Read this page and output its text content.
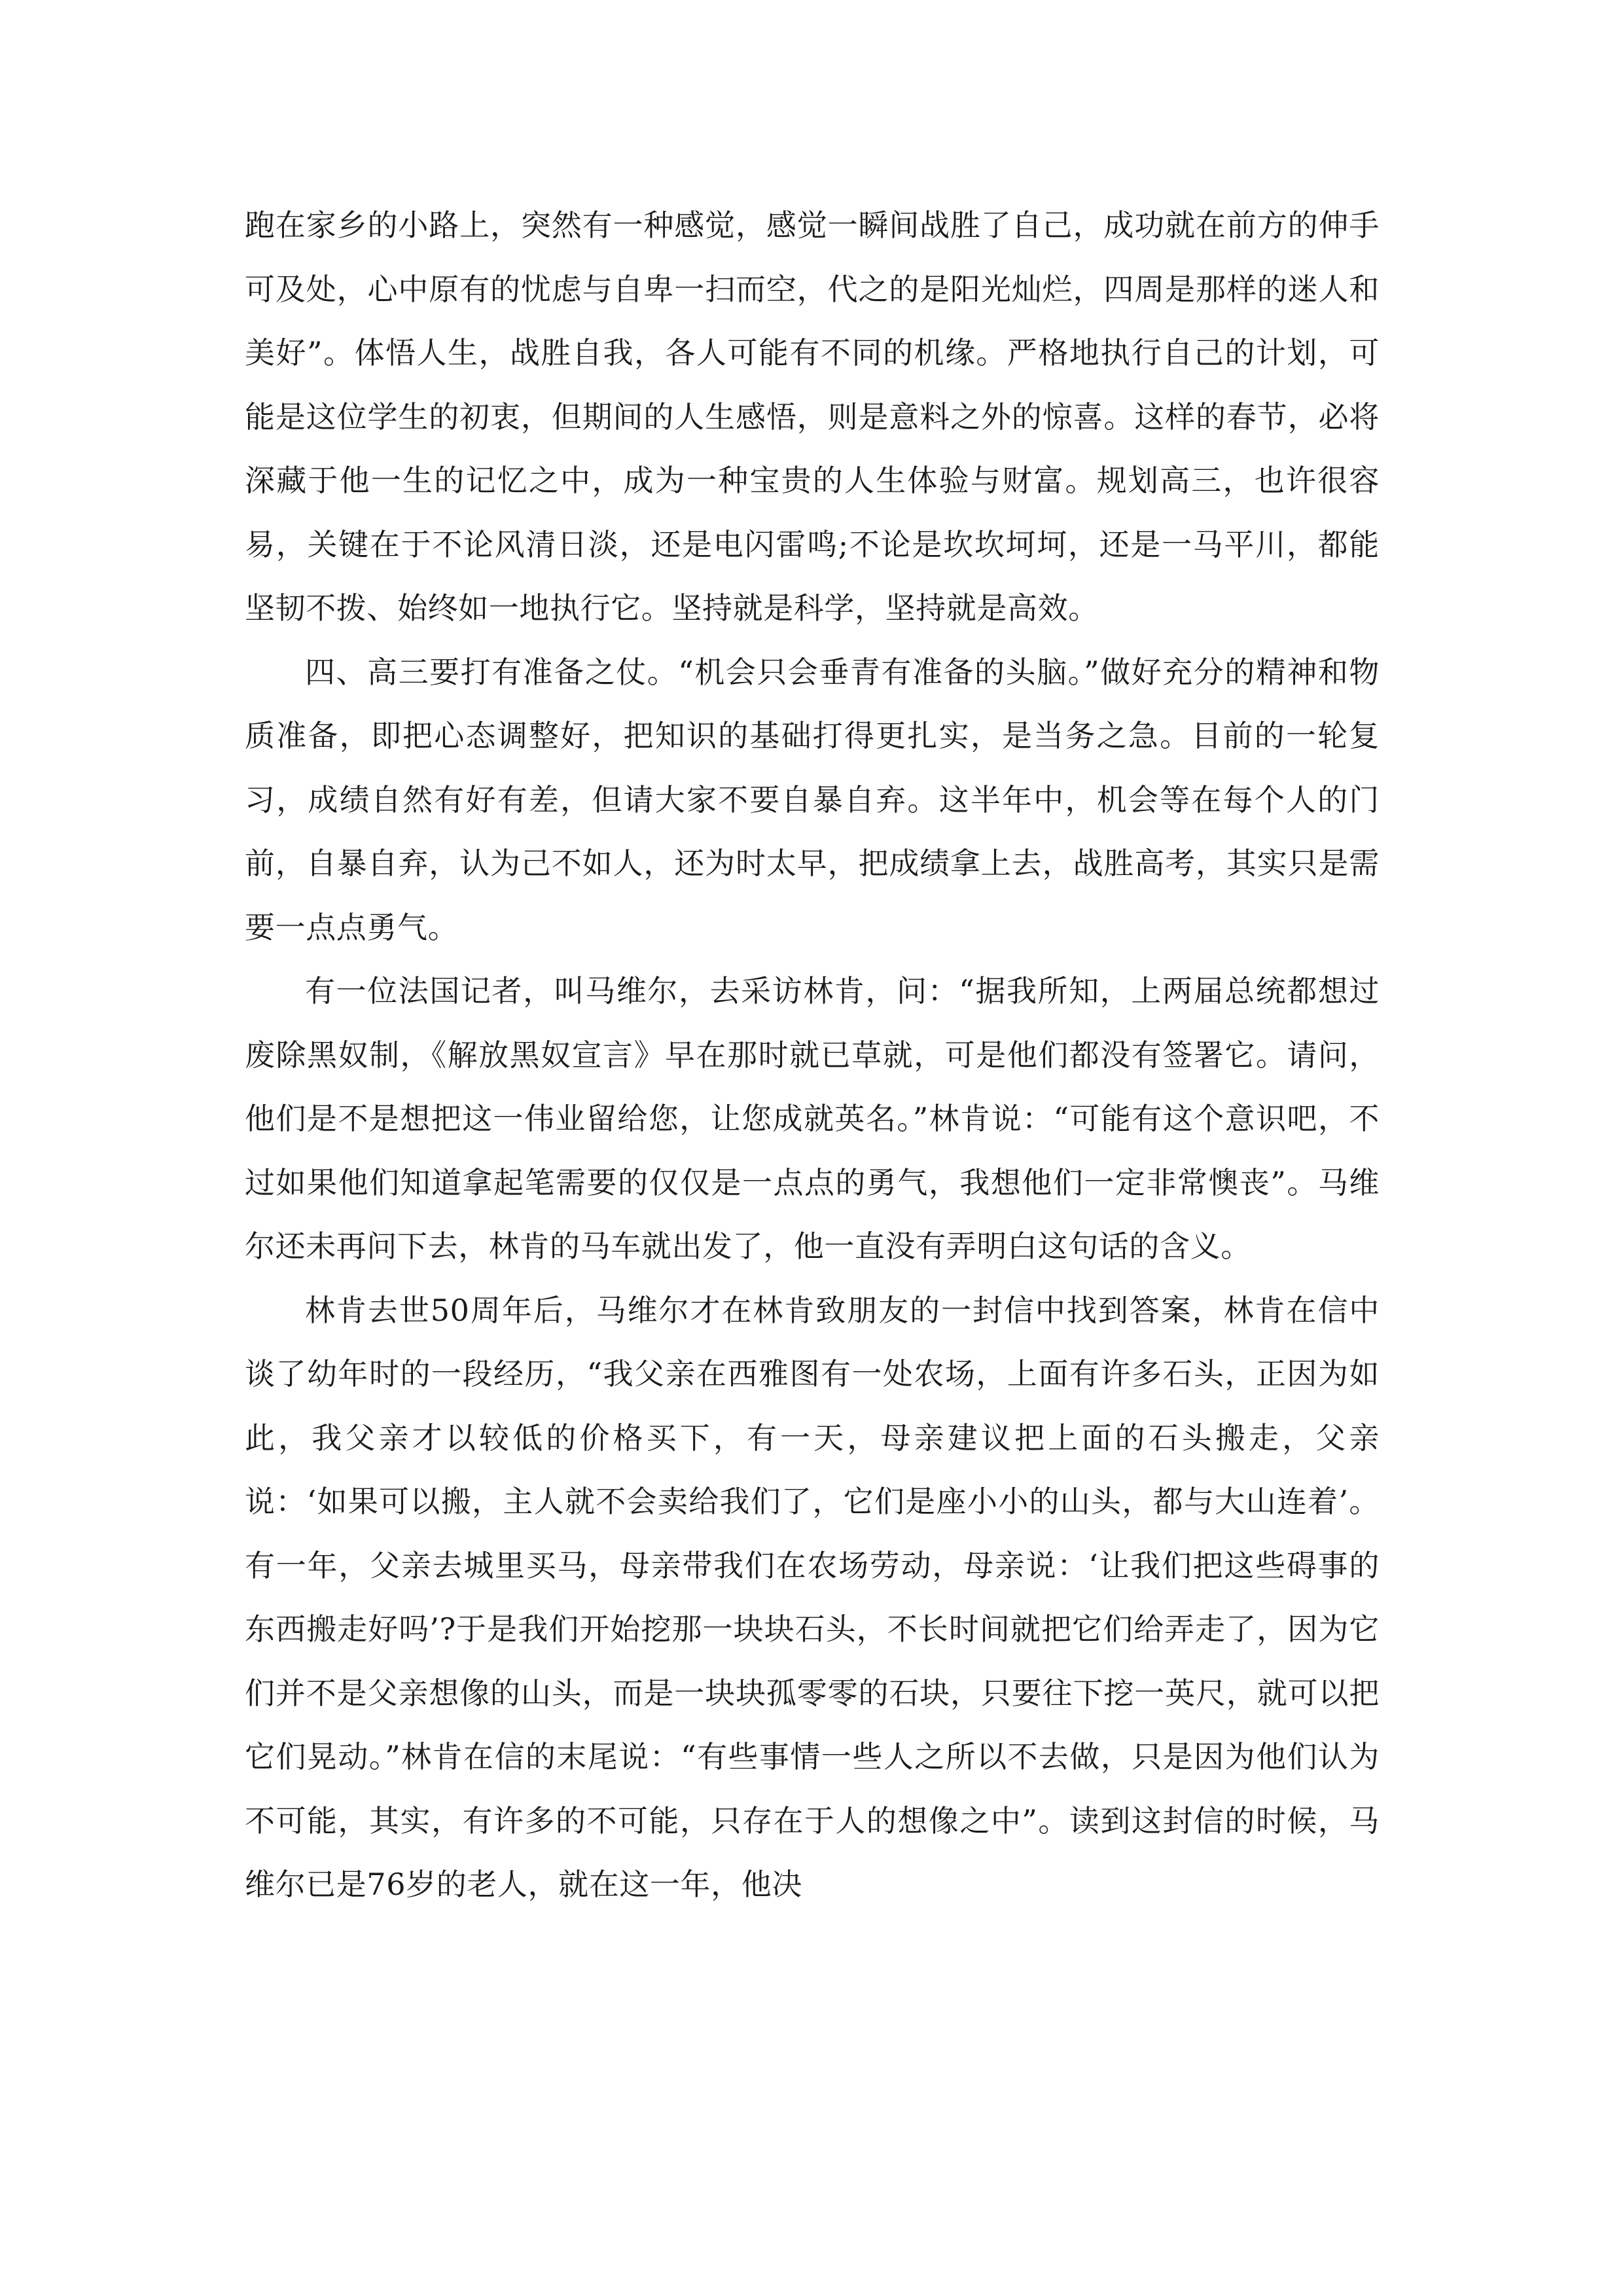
跑在家乡的小路上，突然有一种感觉，感觉一瞬间战胜了自己，成功就在前方的伸手可及处，心中原有的忧虑与自卑一扫而空，代之的是阳光灿烂，四周是那样的迷人和美好”。体悟人生，战胜自我，各人可能有不同的机缘。严格地执行自己的计划，可能是这位学生的初衷，但期间的人生感悟，则是意料之外的惊喜。这样的春节，必将深藏于他一生的记忆之中，成为一种宝贵的人生体验与财富。规划高三，也许很容易，关键在于不论风清日淡，还是电闪雷鸣;不论是坎坎坷坷，还是一马平川，都能坚韧不拨、始终如一地执行它。坚持就是科学，坚持就是高效。

四、高三要打有准备之仗。“机会只会垂青有准备的头脑。”做好充分的精神和物质准备，即把心态调整好，把知识的基础打得更扎实，是当务之急。目前的一轮复习，成绩自然有好有差，但请大家不要自暴自弃。这半年中，机会等在每个人的门前，自暴自弃，认为己不如人，还为时太早，把成绩拿上去，战胜高考，其实只是需要一点点勇气。

有一位法国记者，叫马维尔，去采访林肯，问：“据我所知，上两届总统都想过废除黑奴制，《解放黑奴宣言》早在那时就已草就，可是他们都没有签署它。请问，他们是不是想把这一伟业留给您，让您成就英名。”林肯说：“可能有这个意识吧，不过如果他们知道拿起笔需要的仅仅是一点点的勇气，我想他们一定非常懊丧”。马维尔还未再问下去，林肯的马车就出发了，他一直没有弄明白这句话的含义。

林肯去世50周年后，马维尔才在林肯致朋友的一封信中找到答案，林肯在信中谈了幼年时的一段经历，“我父亲在西雅图有一处农场，上面有许多石头，正因为如此，我父亲才以较低的价格买下，有一天，母亲建议把上面的石头搬走，父亲说：‘如果可以搬，主人就不会卖给我们了，它们是座小小的山头，都与大山连着’。有一年，父亲去城里买马，母亲带我们在农场劳动，母亲说：‘让我们把这些碍事的东西搬走好吗’?于是我们开始挖那一块块石头，不长时间就把它们给弄走了，因为它们并不是父亲想像的山头，而是一块块孤零零的石块，只要往下挖一英尺，就可以把它们晃动。”林肯在信的末尾说：“有些事情一些人之所以不去做，只是因为他们认为不可能，其实，有许多的不可能，只存在于人的想像之中”。读到这封信的时候，马维尔已是76岁的老人，就在这一年，他决
